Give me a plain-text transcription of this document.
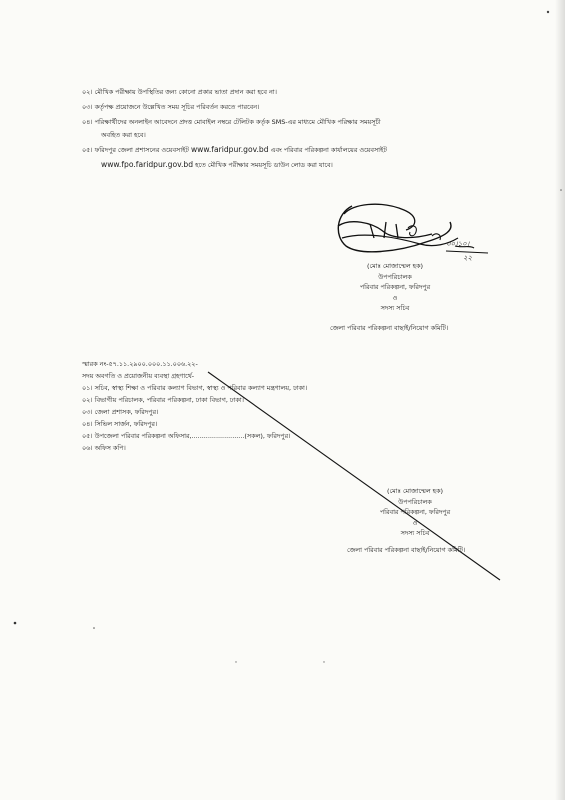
০২। মৌখিক পরীক্ষায় উপস্থিতির জন্য কোনো প্রকার ভাতা প্রদান করা হবে না।
০৩। কর্তৃপক্ষ প্রয়োজনে উল্লেখিত সময় সূচির পরিবর্তন করতে পারবেন।
০৪। পরিক্ষার্থীদের অনলাইন আবেদনে প্রদত্ত মোবাইল নম্বরে টেলিটক কর্তৃক SMS-এর মাধ্যমে মৌখিক পরিক্ষার সময়সূচী
অবহিত করা হবে।
০৫। ফরিদপুর জেলা প্রশাসনের ওয়েবসাইট www.faridpur.gov.bd এবং পরিবার পরিকল্পনা কার্যালয়ের ওয়েবসাইট
www.fpo.faridpur.gov.bd হতে মৌখিক পরীক্ষার সময়সূচি ডাউন লোড করা যাবে।
৩০।১০।
২২
(মোঃ মোজাম্মেল হক)
উপপরিচালক
পরিবার পরিকল্পনা, ফরিদপুর
ও
সদস্য সচিব
জেলা পরিবার পরিকল্পনা বাছাই/নিয়োগ কমিটি।
স্মারক নং-৫৭.১১.২৯০০.০০০.১১.০০৬.২২-
সদয় অবগতি ও প্রয়োজনীয় ব্যবস্থা গ্রহণার্থে-
০১। সচিব, স্বাস্থ্য শিক্ষা ও পরিবার কল্যাণ বিভাগ, স্বাস্থ্য ও পরিবার কল্যাণ মন্ত্রণালয়, ঢাকা।
০২। বিভাগীয় পরিচালক, পরিবার পরিকল্পনা, ঢাকা বিভাগ, ঢাকা।
০৩। জেলা প্রশাসক, ফরিদপুর।
০৪। সিভিল সার্জন, ফরিদপুর।
০৫। উপজেলা পরিবার পরিকল্পনা অফিসার,..........................(সকল), ফরিদপুর।
০৬। অফিস কপি।
(মোঃ মোজাম্মেল হক)
উপপরিচালক
পরিবার পরিকল্পনা, ফরিদপুর
ও
সদস্য সচিব
জেলা পরিবার পরিকল্পনা বাছাই/নিয়োগ কমিটি।
